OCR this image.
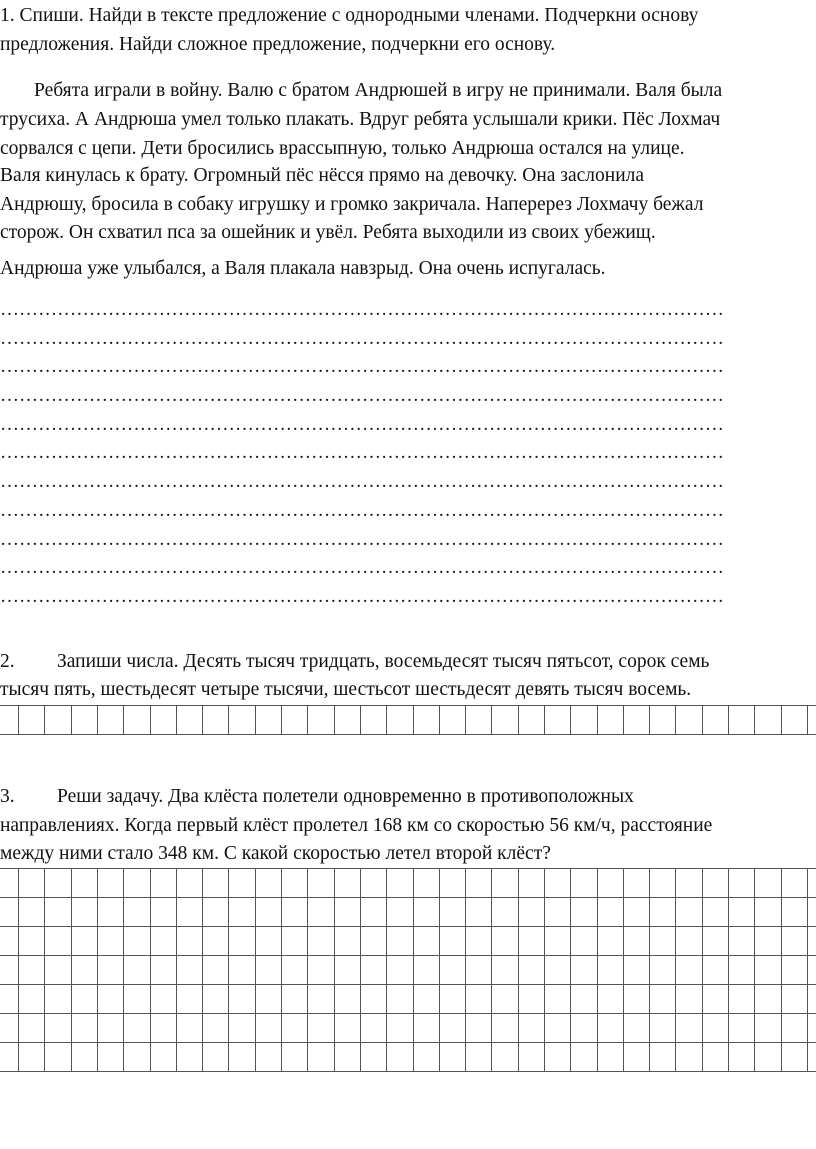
1. Спиши. Найди в тексте предложение с однородными членами. Подчеркни основу
предложения. Найди сложное предложение, подчеркни его основу.
Ребята играли в войну. Валю с братом Андрюшей в игру не принимали. Валя была
трусиха. А Андрюша умел только плакать. Вдруг ребята услышали крики. Пёс Лохмач
сорвался с цепи. Дети бросились врассыпную, только Андрюша остался на улице.
Валя кинулась к брату. Огромный пёс нёсся прямо на девочку. Она заслонила
Андрюшу, бросила в собаку игрушку и громко закричала. Наперерез Лохмачу бежал
сторож. Он схватил пса за ошейник и увёл. Ребята выходили из своих убежищ.
Андрюша уже улыбался, а Валя плакала навзрыд. Она очень испугалась.
……………………………………………………………………………………………………
……………………………………………………………………………………………………
……………………………………………………………………………………………………
……………………………………………………………………………………………………
……………………………………………………………………………………………………
……………………………………………………………………………………………………
……………………………………………………………………………………………………
……………………………………………………………………………………………………
……………………………………………………………………………………………………
……………………………………………………………………………………………………
……………………………………………………………………………………………………
2. Запиши числа. Десять тысяч тридцать, восемьдесят тысяч пятьсот, сорок семь
тысяч пять, шестьдесят четыре тысячи, шестьсот шестьдесят девять тысяч восемь.
3. Реши задачу. Два клёста полетели одновременно в противоположных
направлениях. Когда первый клёст пролетел 168 км со скоростью 56 км/ч, расстояние
между ними стало 348 км. С какой скоростью летел второй клёст?
